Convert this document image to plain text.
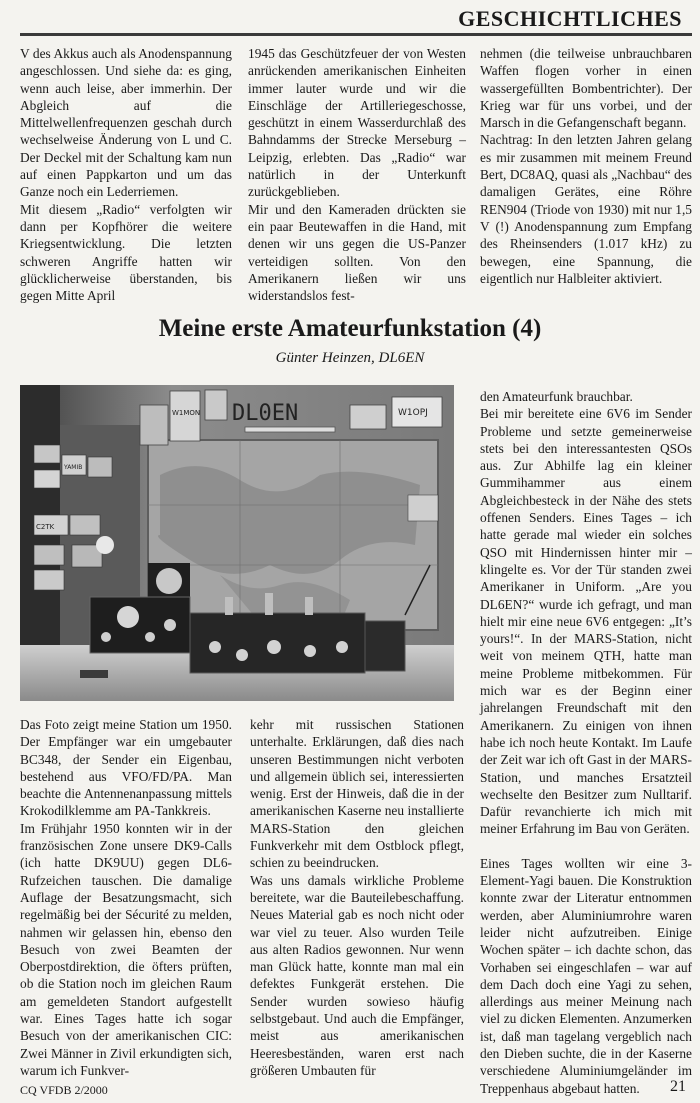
GESCHICHTLICHES

V des Akkus auch als Anodenspannung angeschlossen. Und siehe da: es ging, wenn auch leise, aber immerhin. Der Abgleich auf die Mittelwellenfrequenzen geschah durch wechselweise Änderung von L und C. Der Deckel mit der Schaltung kam nun auf einen Pappkarton und um das Ganze noch ein Lederriemen.

Mit diesem „Radio“ verfolgten wir dann per Kopfhörer die weitere Kriegsentwicklung. Die letzten schweren Angriffe hatten wir glücklicherweise überstanden, bis gegen Mitte April

1945 das Geschützfeuer der von Westen anrückenden amerikanischen Einheiten immer lauter wurde und wir die Einschläge der Artilleriegeschosse, geschützt in einem Wasserdurchlaß des Bahndamms der Strecke Merseburg – Leipzig, erlebten. Das „Radio“ war natürlich in der Unterkunft zurückgeblieben.

Mir und den Kameraden drückten sie ein paar Beutewaffen in die Hand, mit denen wir uns gegen die US-Panzer verteidigen sollten. Von den Amerikanern ließen wir uns widerstandslos fest-

nehmen (die teilweise unbrauchbaren Waffen flogen vorher in einen wassergefüllten Bombentrichter). Der Krieg war für uns vorbei, und der Marsch in die Gefangenschaft begann.

Nachtrag: In den letzten Jahren gelang es mir zusammen mit meinem Freund Bert, DC8AQ, quasi als „Nachbau“ des damaligen Gerätes, eine Röhre REN904 (Triode von 1930) mit nur 1,5 V (!) Anodenspannung zum Empfang des Rheinsenders (1.017 kHz) zu bewegen, eine Spannung, die eigentlich nur Halbleiter aktiviert.

Meine erste Amateurfunkstation (4)
Günter Heinzen, DL6EN
DL0EN
W1MON	W1OPJ
YAMIB
C2TK

Das Foto zeigt meine Station um 1950. Der Empfänger war ein umgebauter BC348, der Sender ein Eigenbau, bestehend aus VFO/FD/PA. Man beachte die Antennenanpassung mittels Krokodilklemme am PA-Tankkreis.

Im Frühjahr 1950 konnten wir in der französischen Zone unsere DK9-Calls (ich hatte DK9UU) gegen DL6-Rufzeichen tauschen. Die damalige Auflage der Besatzungsmacht, sich regelmäßig bei der Sécurité zu melden, nahmen wir gelassen hin, ebenso den Besuch von zwei Beamten der Oberpostdirektion, die öfters prüften, ob die Station noch im gleichen Raum am gemeldeten Standort aufgestellt war. Eines Tages hatte ich sogar Besuch von der amerikanischen CIC: Zwei Männer in Zivil erkundigten sich, warum ich Funkver-

kehr mit russischen Stationen unterhalte. Erklärungen, daß dies nach unseren Bestimmungen nicht verboten und allgemein üblich sei, interessierten wenig. Erst der Hinweis, daß die in der amerikanischen Kaserne neu installierte MARS-Station den gleichen Funkverkehr mit dem Ostblock pflegt, schien zu beeindrucken.

Was uns damals wirkliche Probleme bereitete, war die Bauteilebeschaffung. Neues Material gab es noch nicht oder war viel zu teuer. Also wurden Teile aus alten Radios gewonnen. Nur wenn man Glück hatte, konnte man mal ein defektes Funkgerät erstehen. Die Sender wurden sowieso häufig selbstgebaut. Und auch die Empfänger, meist aus amerikanischen Heeresbeständen, waren erst nach größeren Umbauten für

den Amateurfunk brauchbar.

Bei mir bereitete eine 6V6 im Sender Probleme und setzte gemeinerweise stets bei den interessantesten QSOs aus. Zur Abhilfe lag ein kleiner Gummihammer aus einem Abgleichbesteck in der Nähe des stets offenen Senders. Eines Tages – ich hatte gerade mal wieder ein solches QSO mit Hindernissen hinter mir – klingelte es. Vor der Tür standen zwei Amerikaner in Uniform. „Are you DL6EN?“ wurde ich gefragt, und man hielt mir eine neue 6V6 entgegen: „It’s yours!“. In der MARS-Station, nicht weit von meinem QTH, hatte man meine Probleme mitbekommen. Für mich war es der Beginn einer jahrelangen Freundschaft mit den Amerikanern. Zu einigen von ihnen habe ich noch heute Kontakt. Im Laufe der Zeit war ich oft Gast in der MARS-Station, und manches Ersatzteil wechselte den Besitzer zum Nulltarif. Dafür revanchierte ich mich mit meiner Erfahrung im Bau von Geräten.

Eines Tages wollten wir eine 3-Element-Yagi bauen. Die Konstruktion konnte zwar der Literatur entnommen werden, aber Aluminiumrohre waren leider nicht aufzutreiben. Einige Wochen später – ich dachte schon, das Vorhaben sei eingeschlafen – war auf dem Dach doch eine Yagi zu sehen, allerdings aus meiner Meinung nach viel zu dicken Elementen. Anzumerken ist, daß man tagelang vergeblich nach den Dieben suchte, die in der Kaserne verschiedene Aluminiumgeländer im Treppenhaus abgebaut hatten.

CQ VFDB 2/2000	21
